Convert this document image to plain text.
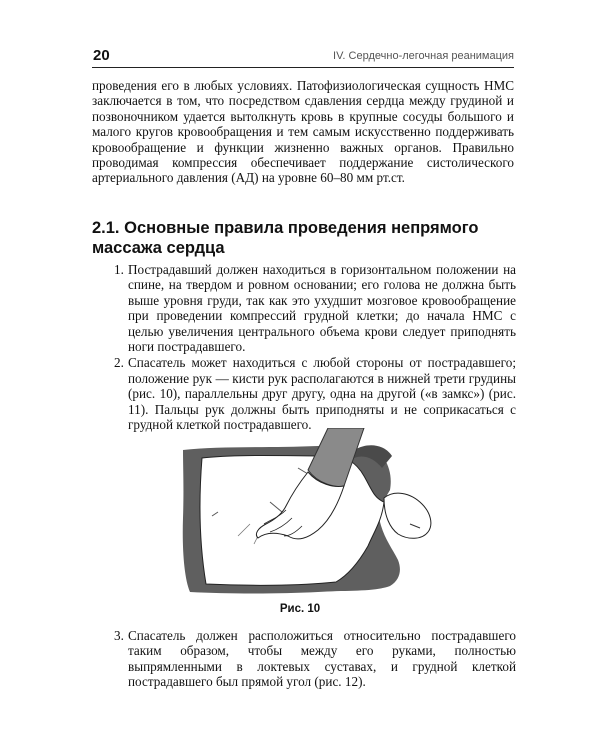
20	IV. Сердечно-легочная реанимация

проведения его в любых условиях. Патофизиологическая сущность НМС заключается в том, что посредством сдавления сердца между грудиной и позвоночником удается вытолкнуть кровь в крупные сосуды большого и малого кругов кровообращения и тем самым искусственно поддерживать кровообращение и функции жизненно важных органов. Правильно проводимая компрессия обеспечивает поддержание систолического артериального давления (АД) на уровне 60–80 мм рт.ст.

2.1. Основные правила проведения непрямого массажа сердца
1. Пострадавший должен находиться в горизонтальном положении на спине, на твердом и ровном основании; его голова не должна быть выше уровня груди, так как это ухудшит мозговое кровообращение при проведении компрессий грудной клетки; до начала НМС с целью увеличения центрального объема крови следует приподнять ноги пострадавшего.
2. Спасатель может находиться с любой стороны от пострадавшего; положение рук — кисти рук располагаются в нижней трети грудины (рис. 10), параллельны друг другу, одна на другой («в замкс») (рис. 11). Пальцы рук должны быть приподняты и не соприкасаться с грудной клеткой пострадавшего.
Рис. 10
3. Спасатель должен расположиться относительно пострадавшего таким образом, чтобы между его руками, полностью выпрямленными в локтевых суставах, и грудной клеткой пострадавшего был прямой угол (рис. 12).
